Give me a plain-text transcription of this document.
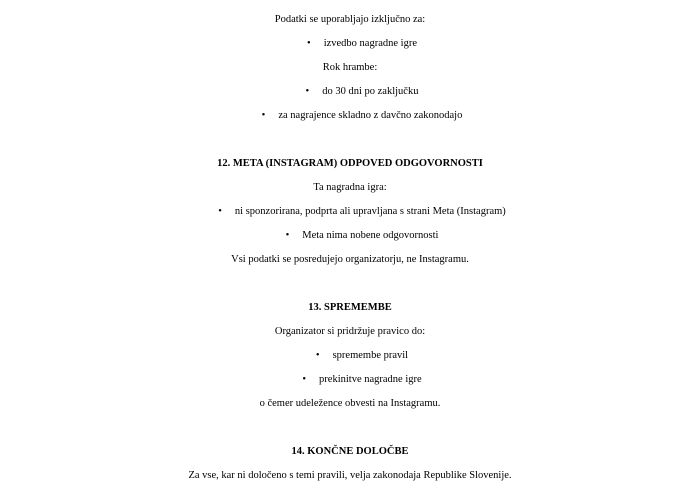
Podatki se uporabljajo izključno za:

• izvedbo nagradne igre

Rok hrambe:

• do 30 dni po zaključku

• za nagrajence skladno z davčno zakonodajo

12. META (INSTAGRAM) ODPOVED ODGOVORNOSTI

Ta nagradna igra:

• ni sponzorirana, podprta ali upravljana s strani Meta (Instagram)

• Meta nima nobene odgovornosti

Vsi podatki se posredujejo organizatorju, ne Instagramu.

13. SPREMEMBE

Organizator si pridržuje pravico do:

• spremembe pravil

• prekinitve nagradne igre

o čemer udeležence obvesti na Instagramu.

14. KONČNE DOLOČBE

Za vse, kar ni določeno s temi pravili, velja zakonodaja Republike Slovenije.
